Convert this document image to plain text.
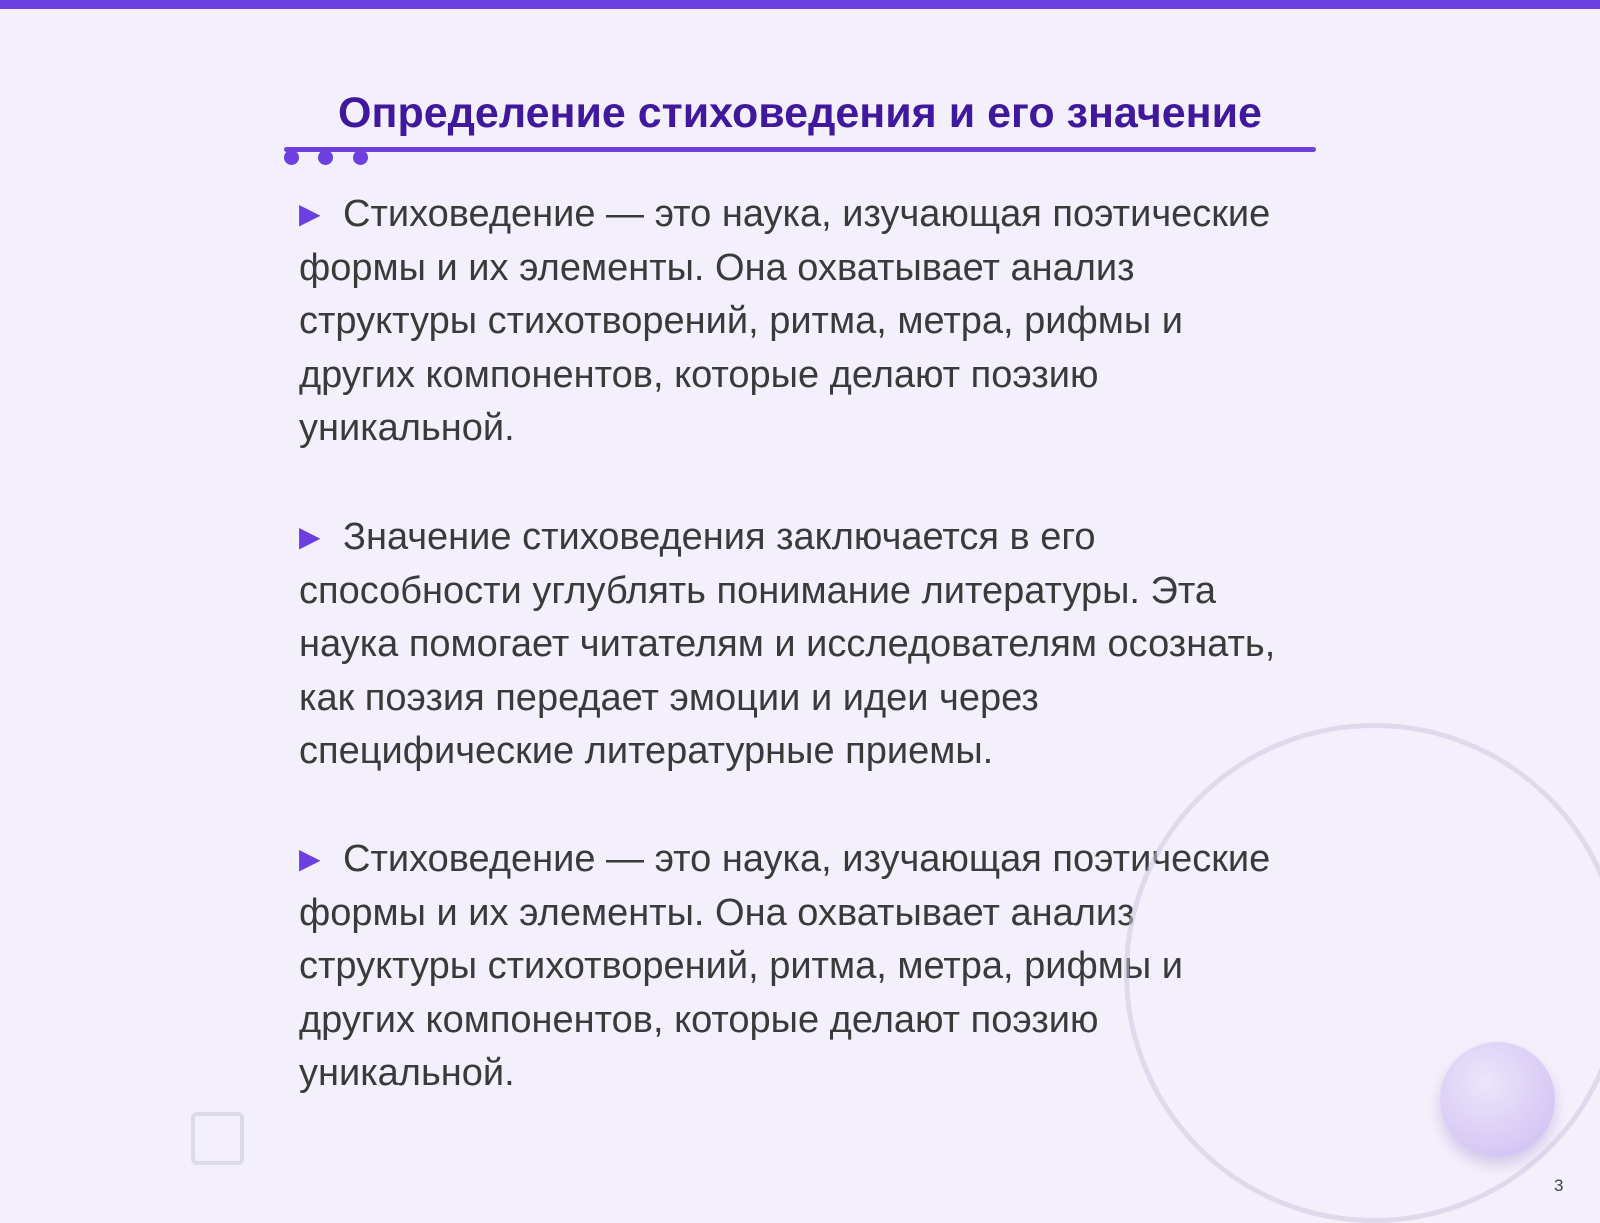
Определение стиховедения и его значение

▶ Стиховедение — это наука, изучающая поэтические формы и их элементы. Она охватывает анализ структуры стихотворений, ритма, метра, рифмы и других компонентов, которые делают поэзию уникальной.

▶ Значение стиховедения заключается в его способности углублять понимание литературы. Эта наука помогает читателям и исследователям осознать, как поэзия передает эмоции и идеи через специфические литературные приемы.

▶ Стиховедение — это наука, изучающая поэтические формы и их элементы. Она охватывает анализ структуры стихотворений, ритма, метра, рифмы и других компонентов, которые делают поэзию уникальной.

3
